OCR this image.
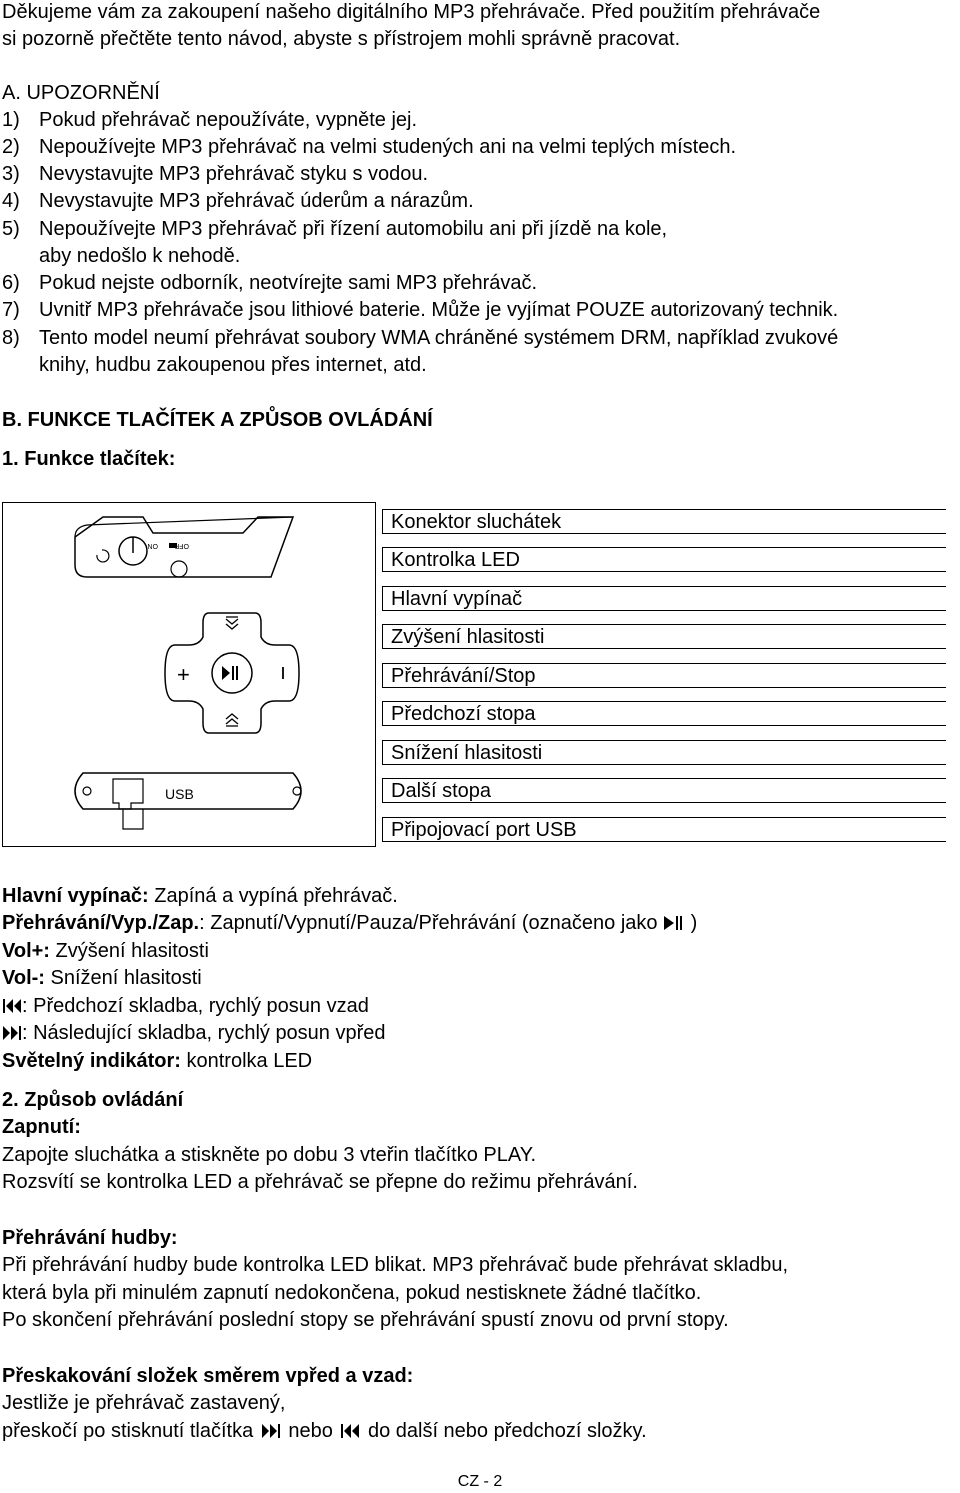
Děkujeme vám za zakoupení našeho digitálního MP3 přehrávače. Před použitím přehrávače
si pozorně přečtěte tento návod, abyste s přístrojem mohli správně pracovat.
A. UPOZORNĚNÍ
1) Pokud přehrávač nepoužíváte, vypněte jej.
2) Nepoužívejte MP3 přehrávač na velmi studených ani na velmi teplých místech.
3) Nevystavujte MP3 přehrávač styku s vodou.
4) Nevystavujte MP3 přehrávač úderům a nárazům.
5) Nepoužívejte MP3 přehrávač při řízení automobilu ani při jízdě na kole,
aby nedošlo k nehodě.
6) Pokud nejste odborník, neotvírejte sami MP3 přehrávač.
7) Uvnitř MP3 přehrávače jsou lithiové baterie. Může je vyjímat POUZE autorizovaný technik.
8) Tento model neumí přehrávat soubory WMA chráněné systémem DRM, například zvukové
knihy, hudbu zakoupenou přes internet, atd.
B. FUNKCE TLAČÍTEK A ZPŮSOB OVLÁDÁNÍ
1. Funkce tlačítek:
OFF
ON
+
USB
Konektor sluchátek
Kontrolka LED
Hlavní vypínač
Zvýšení hlasitosti
Přehrávání/Stop
Předchozí stopa
Snížení hlasitosti
Další stopa
Připojovací port USB
Hlavní vypínač: Zapíná a vypíná přehrávač.
Přehrávání/Vyp./Zap.: Zapnutí/Vypnutí/Pauza/Přehrávání (označeno jako  )
Vol+: Zvýšení hlasitosti
Vol-: Snížení hlasitosti
: Předchozí skladba, rychlý posun vzad
: Následující skladba, rychlý posun vpřed
Světelný indikátor: kontrolka LED
2. Způsob ovládání
Zapnutí:
Zapojte sluchátka a stiskněte po dobu 3 vteřin tlačítko PLAY.
Rozsvítí se kontrolka LED a přehrávač se přepne do režimu přehrávání.
Přehrávání hudby:
Při přehrávání hudby bude kontrolka LED blikat. MP3 přehrávač bude přehrávat skladbu,
která byla při minulém zapnutí nedokončena, pokud nestisknete žádné tlačítko.
Po skončení přehrávání poslední stopy se přehrávání spustí znovu od první stopy.
Přeskakování složek směrem vpřed a vzad:
Jestliže je přehrávač zastavený,
přeskočí po stisknutí tlačítka  nebo  do další nebo předchozí složky.
CZ - 2
